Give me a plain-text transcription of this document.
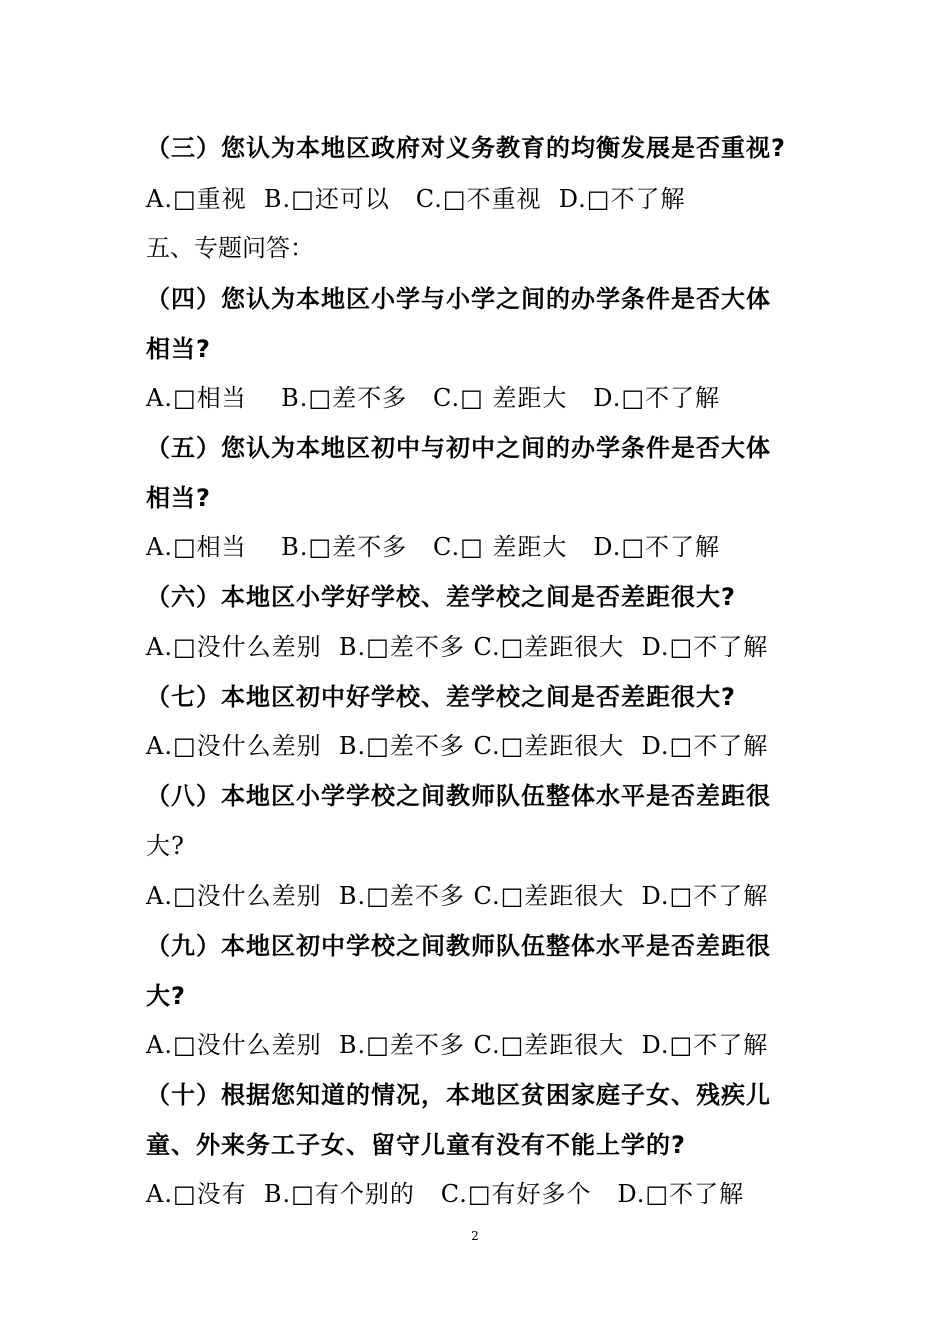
（三）您认为本地区政府对义务教育的均衡发展是否重视?
A.□重视  B.□还可以   C.□不重视  D.□不了解
五、专题问答：
（四）您认为本地区小学与小学之间的办学条件是否大体
相当?
A.□相当    B.□差不多   C.□ 差距大   D.□不了解
（五）您认为本地区初中与初中之间的办学条件是否大体
相当?
A.□相当    B.□差不多   C.□ 差距大   D.□不了解
（六）本地区小学好学校、差学校之间是否差距很大?
A.□没什么差别  B.□差不多 C.□差距很大  D.□不了解
（七）本地区初中好学校、差学校之间是否差距很大?
A.□没什么差别  B.□差不多 C.□差距很大  D.□不了解
（八）本地区小学学校之间教师队伍整体水平是否差距很
大?
A.□没什么差别  B.□差不多 C.□差距很大  D.□不了解
（九）本地区初中学校之间教师队伍整体水平是否差距很
大?
A.□没什么差别  B.□差不多 C.□差距很大  D.□不了解
（十）根据您知道的情况，本地区贫困家庭子女、残疾儿
童、外来务工子女、留守儿童有没有不能上学的?
A.□没有  B.□有个别的   C.□有好多个   D.□不了解
2
